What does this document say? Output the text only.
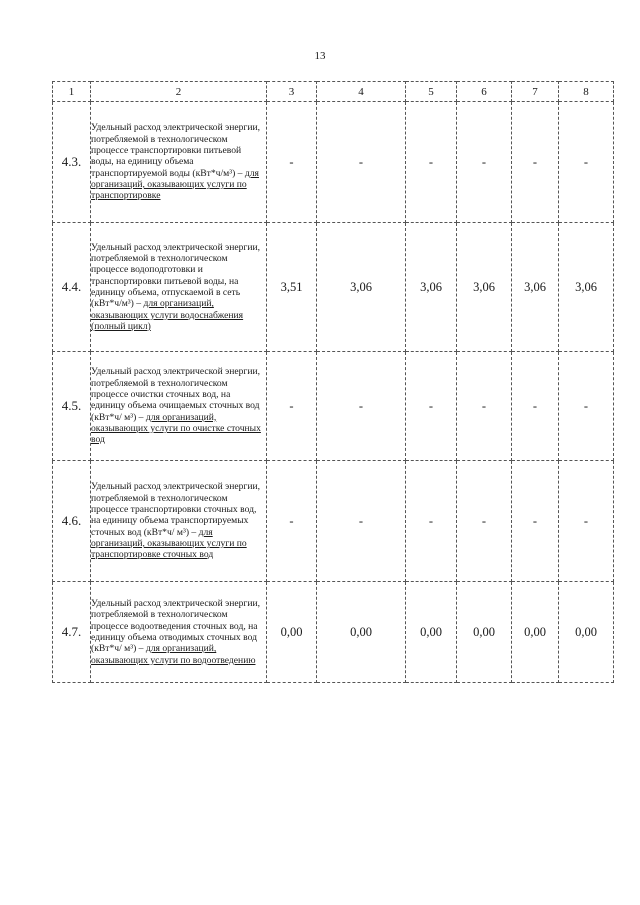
13
1	2	3	4	5	6	7	8
4.3.	Удельный расход электрической энергии, потребляемой в технологическом процессе транспортировки питьевой воды, на единицу объема транспортируемой воды (кВт*ч/м³) – для организаций, оказывающих услуги по транспортировке	-	-	-	-	-	-
4.4.	Удельный расход электрической энергии, потребляемой в технологическом процессе водоподготовки и транспортировки питьевой воды, на единицу объема, отпускаемой в сеть (кВт*ч/м³) – для организаций, оказывающих услуги водоснабжения (полный цикл)	3,51	3,06	3,06	3,06	3,06	3,06
4.5.	Удельный расход электрической энергии, потребляемой в технологическом процессе очистки сточных вод, на единицу объема очищаемых сточных вод (кВт*ч/ м³) – для организаций, оказывающих услуги по очистке сточных вод	-	-	-	-	-	-
4.6.	Удельный расход электрической энергии, потребляемой в технологическом процессе транспортировки сточных вод, на единицу объема транспортируемых сточных вод (кВт*ч/ м³) – для организаций, оказывающих услуги по транспортировке сточных вод	-	-	-	-	-	-
4.7.	Удельный расход электрической энергии, потребляемой в технологическом процессе водоотведения сточных вод, на единицу объема отводимых сточных вод (кВт*ч/ м³) – для организаций, оказывающих услуги по водоотведению	0,00	0,00	0,00	0,00	0,00	0,00
